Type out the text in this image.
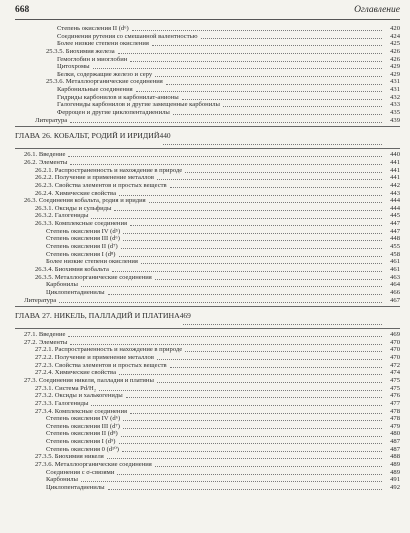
668	Оглавление
Степень окисления II (d⁶)	420
Соединения рутения со смешанной валентностью	424
Более низкие степени окисления	425
25.3.5. Биохимия железа	426
Гемоглобин и миоглобин	426
Цитохромы	429
Белки, содержащие железо и серу	429
25.3.6. Металлоорганические соединения	431
Карбонильные соединения	431
Гидриды карбонилов и карбонилат-анионы	432
Галогениды карбонилов и другие замещенные карбонилы	433
Ферроцен и другие циклопентадиенилы	435
Литература	439
ГЛАВА 26. КОБАЛЬТ, РОДИЙ И ИРИДИЙ
440
26.1. Введение	440
26.2. Элементы	441
26.2.1. Распространенность и нахождение в природе	441
26.2.2. Получение и применение металлов	441
26.2.3. Свойства элементов и простых веществ	442
26.2.4. Химические свойства	443
26.3. Соединения кобальта, родия и иридия	444
26.3.1. Оксиды и сульфиды	444
26.3.2. Галогениды	445
26.3.3. Комплексные соединения	447
Степень окисления IV (d⁵)	447
Степень окисления III (d⁶)	448
Степень окисления II (d⁷)	455
Степень окисления I (d⁸)	458
Более низкие степени окисления	461
26.3.4. Биохимия кобальта	461
26.3.5. Металлоорганические соединения	463
Карбонилы	464
Циклопентадиенилы	466
Литература	467
ГЛАВА 27. НИКЕЛЬ, ПАЛЛАДИЙ И ПЛАТИНА
469
27.1. Введение	469
27.2. Элементы	470
27.2.1. Распространенность и нахождение в природе	470
27.2.2. Получение и применение металлов	470
27.2.3. Свойства элементов и простых веществ	472
27.2.4. Химические свойства	474
27.3. Соединения никеля, палладия и платины	475
27.3.1. Система Pd/H₂	475
27.3.2. Оксиды и халькогениды	476
27.3.3. Галогениды	477
27.3.4. Комплексные соединения	478
Степень окисления IV (d⁶)	478
Степень окисления III (d⁷)	479
Степень окисления II (d⁸)	480
Степень окисления I (d⁹)	487
Степень окисления 0 (d¹⁰)	487
27.3.5. Биохимия никеля	488
27.3.6. Металлоорганические соединения	489
Соединения с σ-связями	489
Карбонилы	491
Циклопентадиенилы	492
